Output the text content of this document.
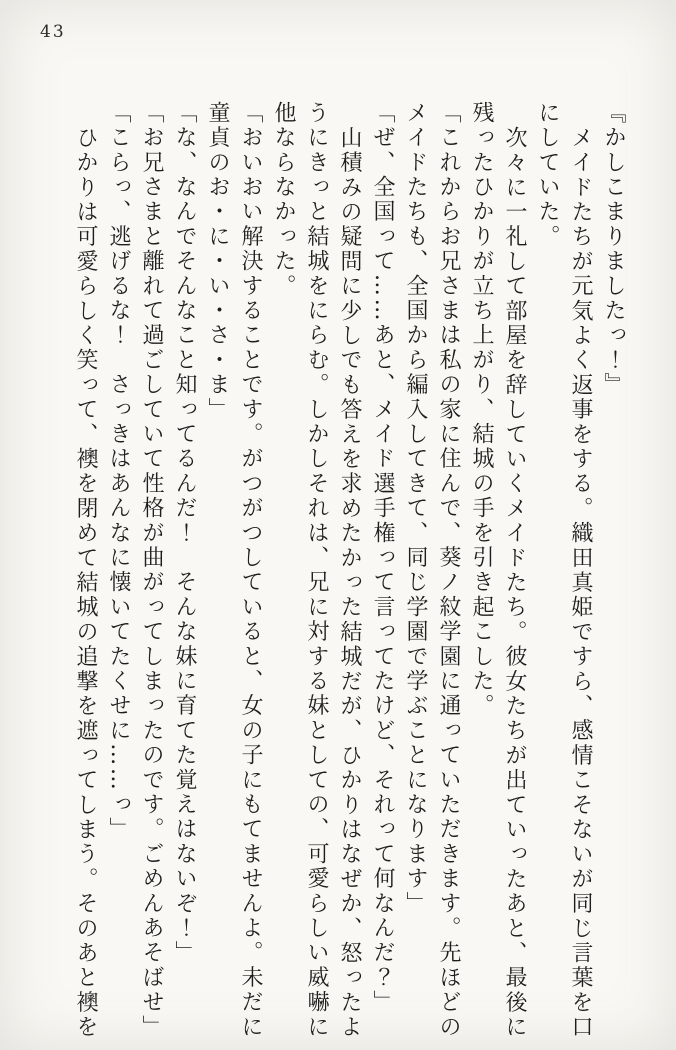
43

『かしこまりましたっ！』

メイドたちが元気よく返事をする。織田真姫ですら、感情こそないが同じ言葉を口にしていた。

次々に一礼して部屋を辞していくメイドたち。彼女たちが出ていったあと、最後に残ったひかりが立ち上がり、結城の手を引き起こした。

「これからお兄さまは私の家に住んで、葵ノ紋学園に通っていただきます。先ほどのメイドたちも、全国から編入してきて、同じ学園で学ぶことになります」

「ぜ、全国って……あと、メイド選手権って言ってたけど、それって何なんだ？」

山積みの疑問に少しでも答えを求めたかった結城だが、ひかりはなぜか、怒ったようにきっと結城をにらむ。しかしそれは、兄に対する妹としての、可愛らしい威嚇に他ならなかった。

「おいおい解決することです。がつがつしていると、女の子にもてませんよ。未だに童貞のお・に・い・さ・ま」

「な、なんでそんなこと知ってるんだ！　そんな妹に育てた覚えはないぞ！」

「お兄さまと離れて過ごしていて性格が曲がってしまったのです。ごめんあそばせ」

「こらっ、逃げるな！　さっきはあんなに懐いてたくせに……っ」

ひかりは可愛らしく笑って、襖を閉めて結城の追撃を遮ってしまう。そのあと襖を
